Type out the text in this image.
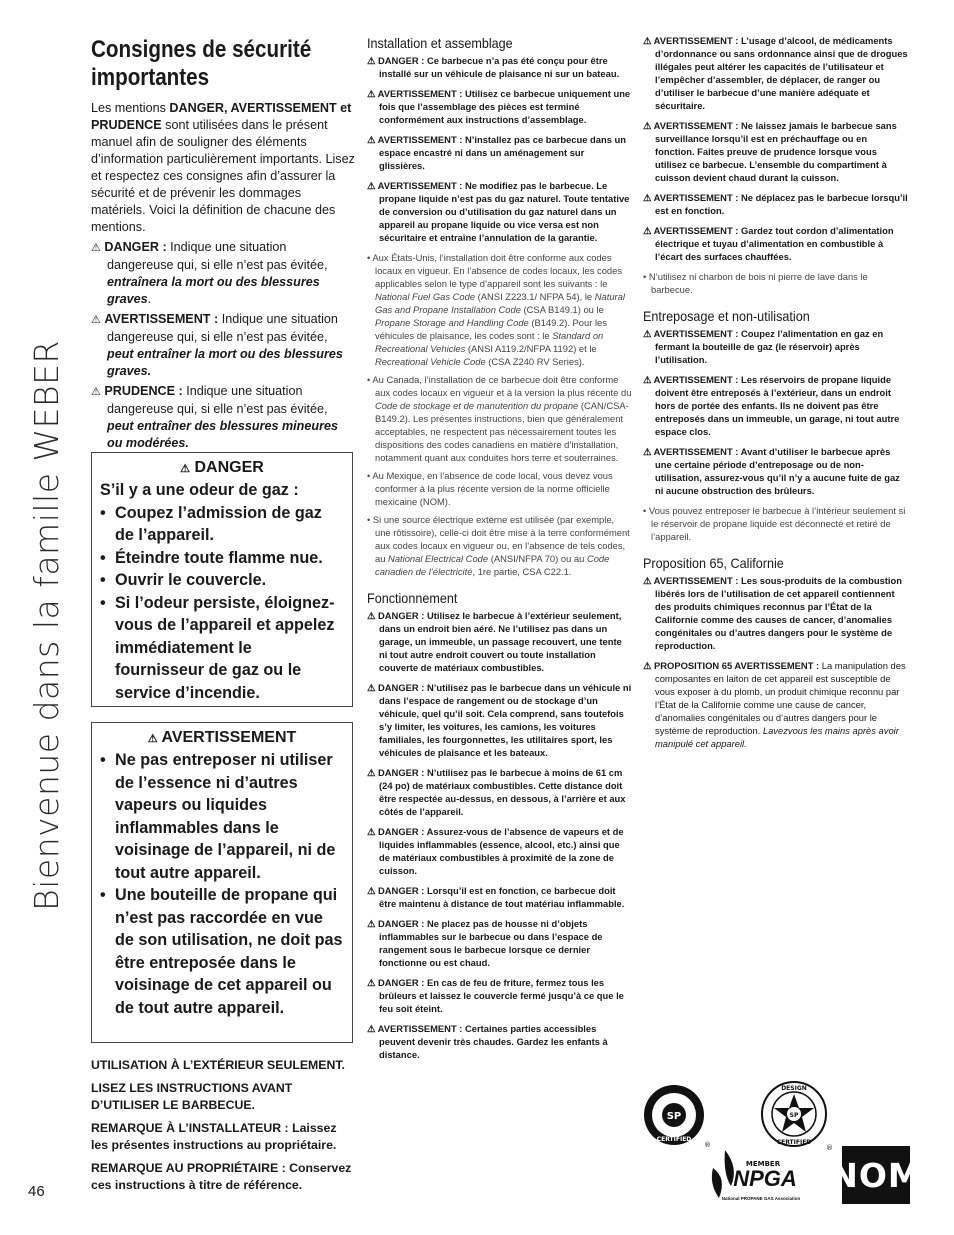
Bienvenue dans la famille WEBER
46
Consignes de sécurité
importantes

Les mentions DANGER, AVERTISSEMENT et PRUDENCE sont utilisées dans le présent manuel afin de souligner des éléments d’information particulièrement importants. Lisez et respectez ces consignes afin d’assurer la sécurité et de prévenir les dommages matériels. Voici la définition de chacune des mentions.

⚠ DANGER : Indique une situation dangereuse qui, si elle n’est pas évitée, entraînera la mort ou des blessures graves.

⚠ AVERTISSEMENT : Indique une situation dangereuse qui, si elle n’est pas évitée, peut entraîner la mort ou des blessures graves.

⚠ PRUDENCE : Indique une situation dangereuse qui, si elle n’est pas évitée, peut entraîner des blessures mineures ou modérées.

⚠ DANGER
S’il y a une odeur de gaz :
• Coupez l’admission de gaz de l’appareil.
• Éteindre toute flamme nue.
• Ouvrir le couvercle.
• Si l’odeur persiste, éloignez-vous de l’appareil et appelez immédiatement le fournisseur de gaz ou le service d’incendie.
⚠ AVERTISSEMENT
• Ne pas entreposer ni utiliser de l’essence ni d’autres vapeurs ou liquides inflammables dans le voisinage de l’appareil, ni de tout autre appareil.
• Une bouteille de propane qui n’est pas raccordée en vue de son utilisation, ne doit pas être entreposée dans le voisinage de cet appareil ou de tout autre appareil.

UTILISATION À L’EXTÉRIEUR SEULEMENT.

LISEZ LES INSTRUCTIONS AVANT D’UTILISER LE BARBECUE.

REMARQUE À L’INSTALLATEUR : Laissez les présentes instructions au propriétaire.

REMARQUE AU PROPRIÉTAIRE : Conservez ces instructions à titre de référence.

Installation et assemblage
⚠ DANGER : Ce barbecue n’a pas été conçu pour être installé sur un véhicule de plaisance ni sur un bateau.
⚠ AVERTISSEMENT : Utilisez ce barbecue uniquement une fois que l’assemblage des pièces est terminé conformément aux instructions d’assemblage.
⚠ AVERTISSEMENT : N’installez pas ce barbecue dans un espace encastré ni dans un aménagement sur glissières.
⚠ AVERTISSEMENT : Ne modifiez pas le barbecue. Le propane liquide n’est pas du gaz naturel. Toute tentative de conversion ou d’utilisation du gaz naturel dans un appareil au propane liquide ou vice versa est non sécuritaire et entraîne l’annulation de la garantie.
• Aux États-Unis, l’installation doit être conforme aux codes locaux en vigueur. En l’absence de codes locaux, les codes applicables selon le type d’appareil sont les suivants : le National Fuel Gas Code (ANSI Z223.1/ NFPA 54), le Natural Gas and Propane Installation Code (CSA B149.1) ou le Propane Storage and Handling Code (B149.2). Pour les véhicules de plaisance, les codes sont : le Standard on Recreational Vehicles (ANSI A119.2/NFPA 1192) et le Recreational Vehicle Code (CSA Z240 RV Series).
• Au Canada, l’installation de ce barbecue doit être conforme aux codes locaux en vigueur et à la version la plus récente du Code de stockage et de manutention du propane (CAN/CSA-B149.2). Les présentes instructions, bien que généralement acceptables, ne respectent pas nécessairement toutes les dispositions des codes canadiens en matière d’installation, notamment quant aux conduites hors terre et souterraines.
• Au Mexique, en l’absence de code local, vous devez vous conformer à la plus récente version de la norme officielle mexicaine (NOM).
• Si une source électrique externe est utilisée (par exemple, une rôtissoire), celle-ci doit être mise à la terre conformément aux codes locaux en vigueur ou, en l’absence de tels codes, au National Electrical Code (ANSI/NFPA 70) ou au Code canadien de l’électricité, 1re partie, CSA C22.1.
Fonctionnement
⚠ DANGER : Utilisez le barbecue à l’extérieur seulement, dans un endroit bien aéré. Ne l’utilisez pas dans un garage, un immeuble, un passage recouvert, une tente ni tout autre endroit couvert ou toute installation couverte de matériaux combustibles.
⚠ DANGER : N’utilisez pas le barbecue dans un véhicule ni dans l’espace de rangement ou de stockage d’un véhicule, quel qu’il soit. Cela comprend, sans toutefois s’y limiter, les voitures, les camions, les voitures familiales, les fourgonnettes, les utilitaires sport, les véhicules de plaisance et les bateaux.
⚠ DANGER : N’utilisez pas le barbecue à moins de 61 cm (24 po) de matériaux combustibles. Cette distance doit être respectée au-dessus, en dessous, à l’arrière et aux côtés de l’appareil.
⚠ DANGER : Assurez-vous de l’absence de vapeurs et de liquides inflammables (essence, alcool, etc.) ainsi que de matériaux combustibles à proximité de la zone de cuisson.
⚠ DANGER : Lorsqu’il est en fonction, ce barbecue doit être maintenu à distance de tout matériau inflammable.
⚠ DANGER : Ne placez pas de housse ni d’objets inflammables sur le barbecue ou dans l’espace de rangement sous le barbecue lorsque ce dernier fonctionne ou est chaud.
⚠ DANGER : En cas de feu de friture, fermez tous les brûleurs et laissez le couvercle fermé jusqu’à ce que le feu soit éteint.
⚠ AVERTISSEMENT : Certaines parties accessibles peuvent devenir très chaudes. Gardez les enfants à distance.
⚠ AVERTISSEMENT : L’usage d’alcool, de médicaments d’ordonnance ou sans ordonnance ainsi que de drogues illégales peut altérer les capacités de l’utilisateur et l’empêcher d’assembler, de déplacer, de ranger ou d’utiliser le barbecue d’une manière adéquate et sécuritaire.
⚠ AVERTISSEMENT : Ne laissez jamais le barbecue sans surveillance lorsqu’il est en préchauffage ou en fonction. Faites preuve de prudence lorsque vous utilisez ce barbecue. L’ensemble du compartiment à cuisson devient chaud durant la cuisson.
⚠ AVERTISSEMENT : Ne déplacez pas le barbecue lorsqu’il est en fonction.
⚠ AVERTISSEMENT : Gardez tout cordon d’alimentation électrique et tuyau d’alimentation en combustible à l’écart des surfaces chauffées.
• N’utilisez ni charbon de bois ni pierre de lave dans le barbecue.
Entreposage et non-utilisation
⚠ AVERTISSEMENT : Coupez l’alimentation en gaz en fermant la bouteille de gaz (le réservoir) après l’utilisation.
⚠ AVERTISSEMENT : Les réservoirs de propane liquide doivent être entreposés à l’extérieur, dans un endroit hors de portée des enfants. Ils ne doivent pas être entreposés dans un immeuble, un garage, ni tout autre espace clos.
⚠ AVERTISSEMENT : Avant d’utiliser le barbecue après une certaine période d’entreposage ou de non-utilisation, assurez-vous qu’il n’y a aucune fuite de gaz ni aucune obstruction des brûleurs.
• Vous pouvez entreposer le barbecue à l’intérieur seulement si le réservoir de propane liquide est déconnecté et retiré de l’appareil.
Proposition 65, Californie
⚠ AVERTISSEMENT : Les sous-produits de la combustion libérés lors de l’utilisation de cet appareil contiennent des produits chimiques reconnus par l’État de la Californie comme des causes de cancer, d’anomalies congénitales ou d’autres dangers pour le système de reproduction.
⚠ PROPOSITION 65 AVERTISSEMENT : La manipulation des composantes en laiton de cet appareil est susceptible de vous exposer à du plomb, un produit chimique reconnu par l’État de la Californie comme une cause de cancer, d’anomalies congénitales ou d’autres dangers pour le système de reproduction. Lavezvous les mains après avoir manipulé cet appareil.
SP
CERTIFIED
®
SP
DESIGN
CERTIFIED
®
MEMBER
NPGA
National PROPANE GAS Association
NOM
